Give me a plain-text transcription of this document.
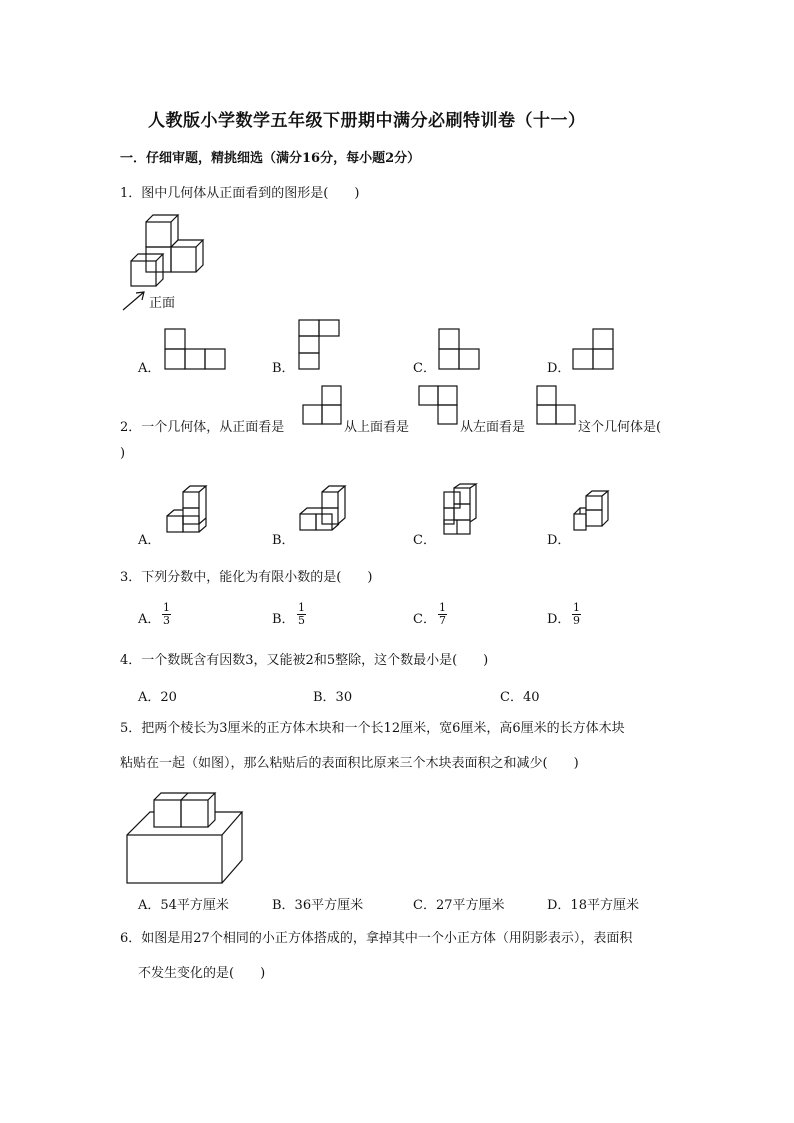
人教版小学数学五年级下册期中满分必刷特训卷（十一）
一．仔细审题，精挑细选（满分16分，每小题2分）
1．图中几何体从正面看到的图形是(　　)
正面
A．	B．	C．	D．
2．一个几何体，从正面看是	从上面看是	从左面看是	这个几何体是(
)
A．	B．	C．	D．
3．下列分数中，能化为有限小数的是(　　)
A． $\frac{1}{3}$	B． $\frac{1}{5}$	C． $\frac{1}{7}$	D． $\frac{1}{9}$
4．一个数既含有因数3，又能被2和5整除，这个数最小是(　　)
A．20	B．30	C．40
5．把两个棱长为3厘米的正方体木块和一个长12厘米，宽6厘米，高6厘米的长方体木块
粘贴在一起（如图），那么粘贴后的表面积比原来三个木块表面积之和减少(　　)
A．54平方厘米	B．36平方厘米	C．27平方厘米	D．18平方厘米
6．如图是用27个相同的小正方体搭成的，拿掉其中一个小正方体（用阴影表示），表面积
不发生变化的是(　　)
